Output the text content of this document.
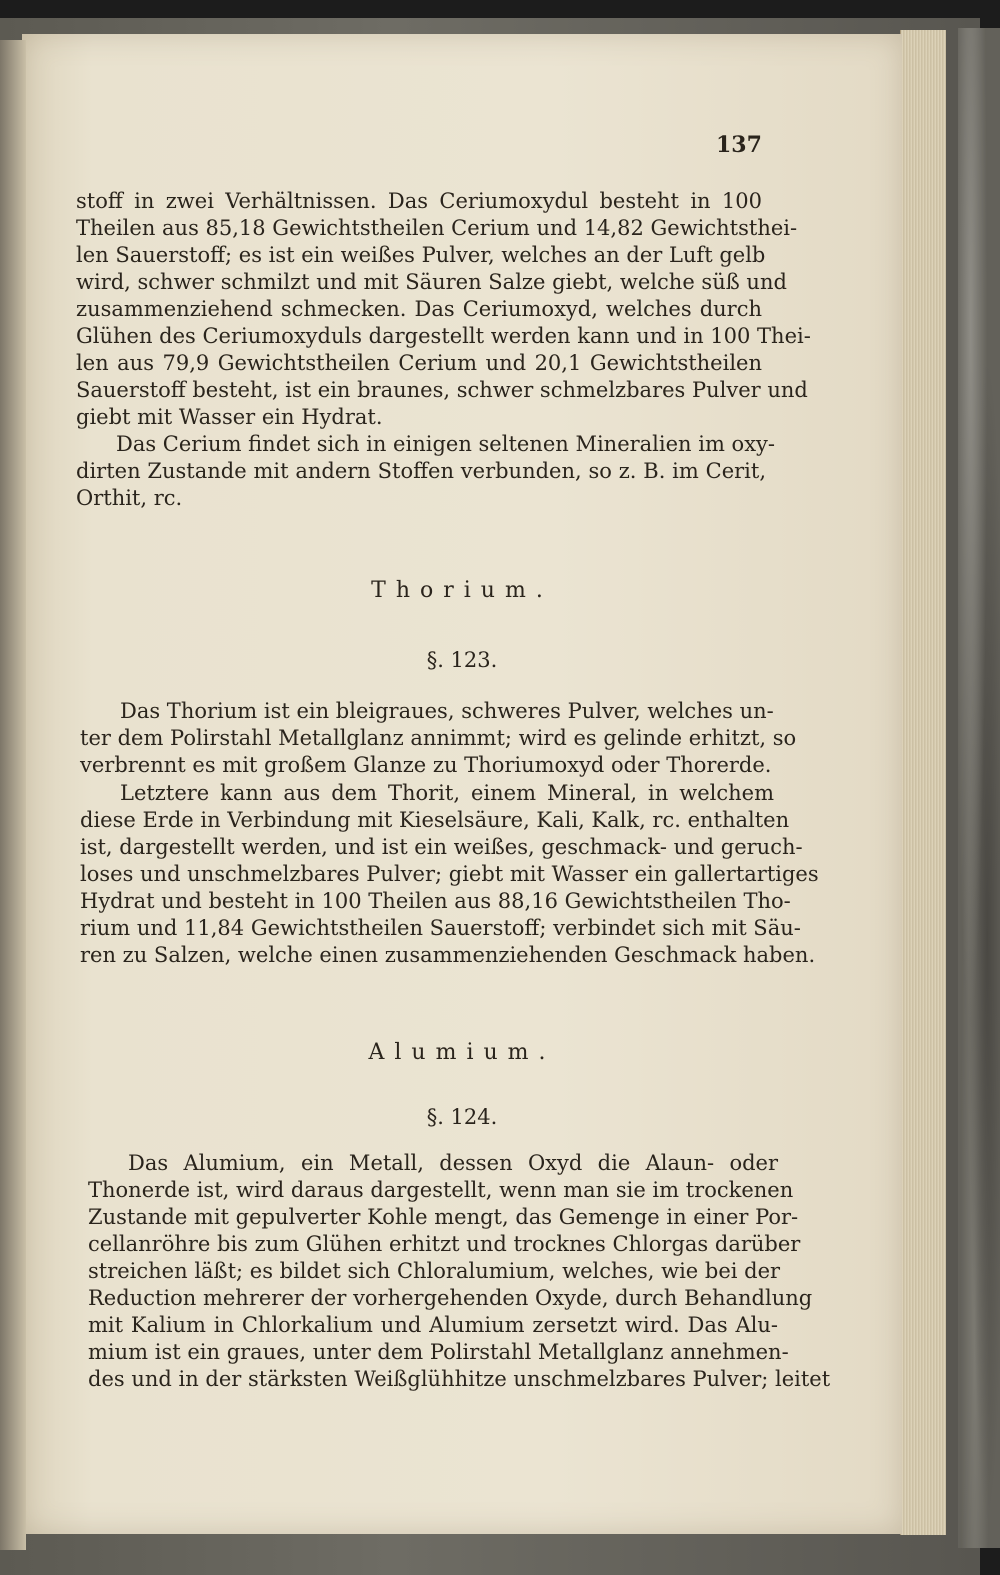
137
stoff in zwei Verhältnissen. Das Ceriumoxydul besteht in 100
Theilen aus 85,18 Gewichtstheilen Cerium und 14,82 Gewichtsthei-
len Sauerstoff; es ist ein weißes Pulver, welches an der Luft gelb
wird, schwer schmilzt und mit Säuren Salze giebt, welche süß und
zusammenziehend schmecken. Das Ceriumoxyd, welches durch
Glühen des Ceriumoxyduls dargestellt werden kann und in 100 Thei-
len aus 79,9 Gewichtstheilen Cerium und 20,1 Gewichtstheilen
Sauerstoff besteht, ist ein braunes, schwer schmelzbares Pulver und
giebt mit Wasser ein Hydrat.
Das Cerium findet sich in einigen seltenen Mineralien im oxy-
dirten Zustande mit andern Stoffen verbunden, so z. B. im Cerit,
Orthit, rc.
Thorium.
§. 123.
Das Thorium ist ein bleigraues, schweres Pulver, welches un-
ter dem Polirstahl Metallglanz annimmt; wird es gelinde erhitzt, so
verbrennt es mit großem Glanze zu Thoriumoxyd oder Thorerde.
Letztere kann aus dem Thorit, einem Mineral, in welchem
diese Erde in Verbindung mit Kieselsäure, Kali, Kalk, rc. enthalten
ist, dargestellt werden, und ist ein weißes, geschmack- und geruch-
loses und unschmelzbares Pulver; giebt mit Wasser ein gallertartiges
Hydrat und besteht in 100 Theilen aus 88,16 Gewichtstheilen Tho-
rium und 11,84 Gewichtstheilen Sauerstoff; verbindet sich mit Säu-
ren zu Salzen, welche einen zusammenziehenden Geschmack haben.
Alumium.
§. 124.
Das Alumium, ein Metall, dessen Oxyd die Alaun- oder
Thonerde ist, wird daraus dargestellt, wenn man sie im trockenen
Zustande mit gepulverter Kohle mengt, das Gemenge in einer Por-
cellanröhre bis zum Glühen erhitzt und trocknes Chlorgas darüber
streichen läßt; es bildet sich Chloralumium, welches, wie bei der
Reduction mehrerer der vorhergehenden Oxyde, durch Behandlung
mit Kalium in Chlorkalium und Alumium zersetzt wird. Das Alu-
mium ist ein graues, unter dem Polirstahl Metallglanz annehmen-
des und in der stärksten Weißglühhitze unschmelzbares Pulver; leitet
